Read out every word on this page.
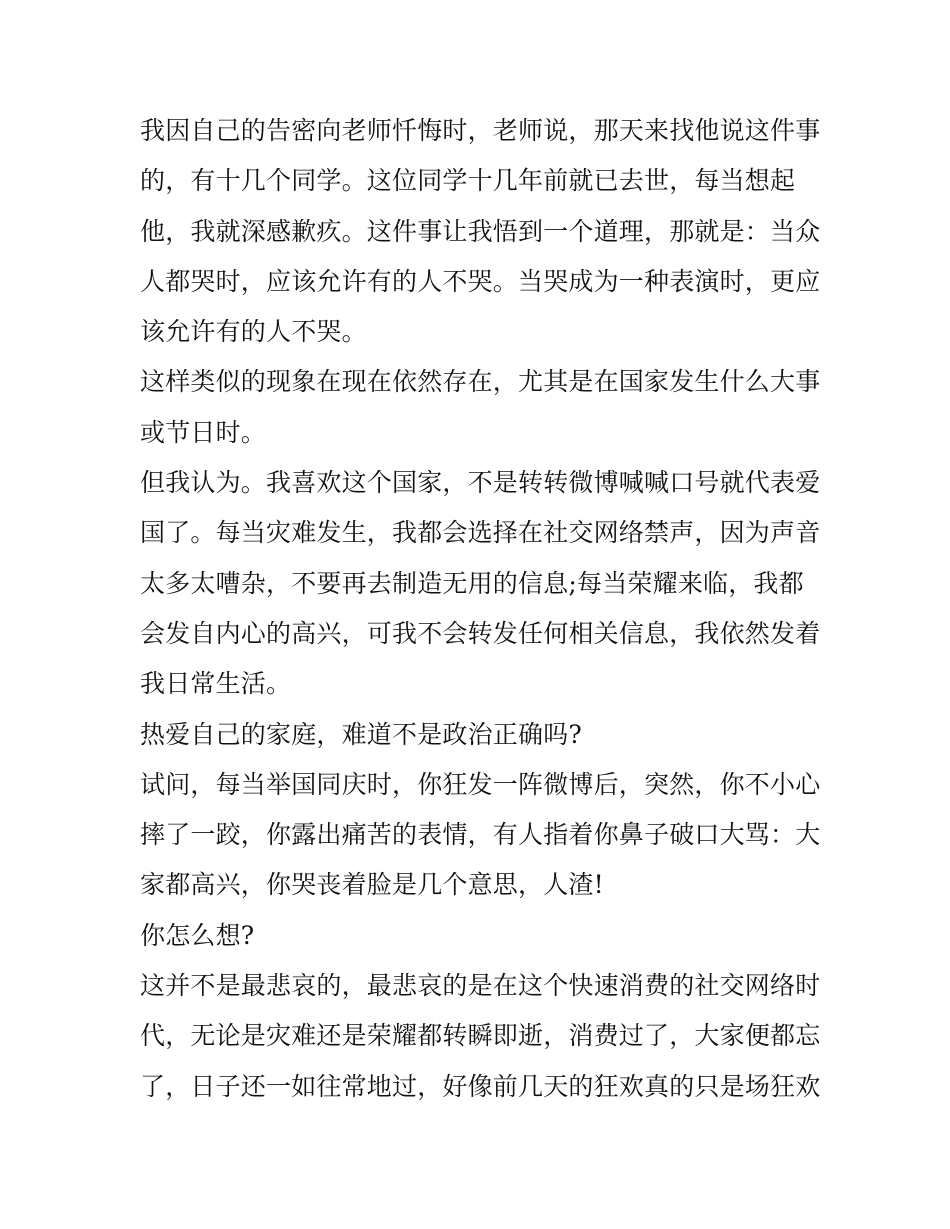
我因自己的告密向老师忏悔时，老师说，那天来找他说这件事
的，有十几个同学。这位同学十几年前就已去世，每当想起
他，我就深感歉疚。这件事让我悟到一个道理，那就是：当众
人都哭时，应该允许有的人不哭。当哭成为一种表演时，更应
该允许有的人不哭。
这样类似的现象在现在依然存在，尤其是在国家发生什么大事
或节日时。
但我认为。我喜欢这个国家，不是转转微博喊喊口号就代表爱
国了。每当灾难发生，我都会选择在社交网络禁声，因为声音
太多太嘈杂，不要再去制造无用的信息;每当荣耀来临，我都
会发自内心的高兴，可我不会转发任何相关信息，我依然发着
我日常生活。
热爱自己的家庭，难道不是政治正确吗?
试问，每当举国同庆时，你狂发一阵微博后，突然，你不小心
摔了一跤，你露出痛苦的表情，有人指着你鼻子破口大骂：大
家都高兴，你哭丧着脸是几个意思，人渣!
你怎么想?
这并不是最悲哀的，最悲哀的是在这个快速消费的社交网络时
代，无论是灾难还是荣耀都转瞬即逝，消费过了，大家便都忘
了，日子还一如往常地过，好像前几天的狂欢真的只是场狂欢
